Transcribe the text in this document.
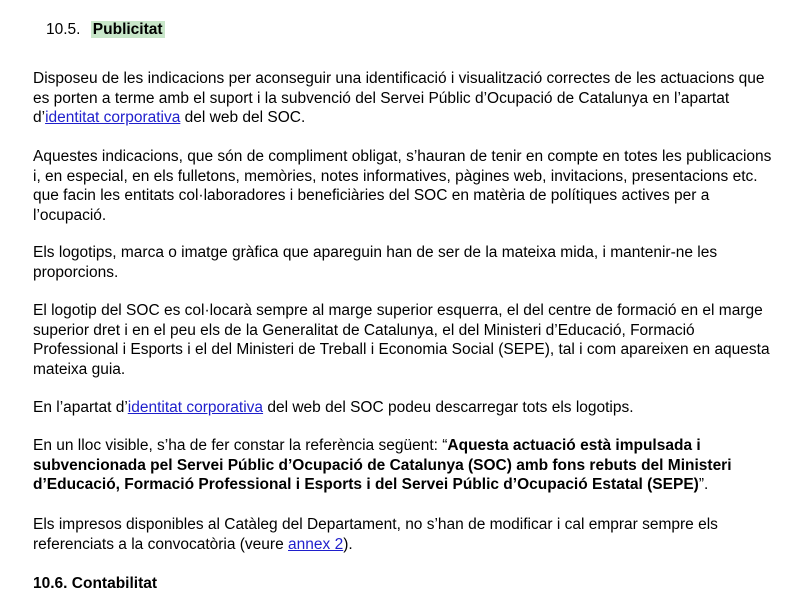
10.5. Publicitat

Disposeu de les indicacions per aconseguir una identificació i visualització correctes de les actuacions que es porten a terme amb el suport i la subvenció del Servei Públic d’Ocupació de Catalunya en l’apartat d’identitat corporativa del web del SOC.

Aquestes indicacions, que són de compliment obligat, s’hauran de tenir en compte en totes les publicacions i, en especial, en els fulletons, memòries, notes informatives, pàgines web, invitacions, presentacions etc. que facin les entitats col·laboradores i beneficiàries del SOC en matèria de polítiques actives per a l’ocupació.

Els logotips, marca o imatge gràfica que apareguin han de ser de la mateixa mida, i mantenir-ne les proporcions.

El logotip del SOC es col·locarà sempre al marge superior esquerra, el del centre de formació en el marge superior dret i en el peu els de la Generalitat de Catalunya, el del Ministeri d’Educació, Formació Professional i Esports i el del Ministeri de Treball i Economia Social (SEPE), tal i com apareixen en aquesta mateixa guia.

En l’apartat d’identitat corporativa del web del SOC podeu descarregar tots els logotips.

En un lloc visible, s’ha de fer constar la referència següent: “Aquesta actuació està impulsada i subvencionada pel Servei Públic d’Ocupació de Catalunya (SOC) amb fons rebuts del Ministeri d’Educació, Formació Professional i Esports i del Servei Públic d’Ocupació Estatal (SEPE)”.

Els impresos disponibles al Catàleg del Departament, no s’han de modificar i cal emprar sempre els referenciats a la convocatòria (veure annex 2).

10.6. Contabilitat
